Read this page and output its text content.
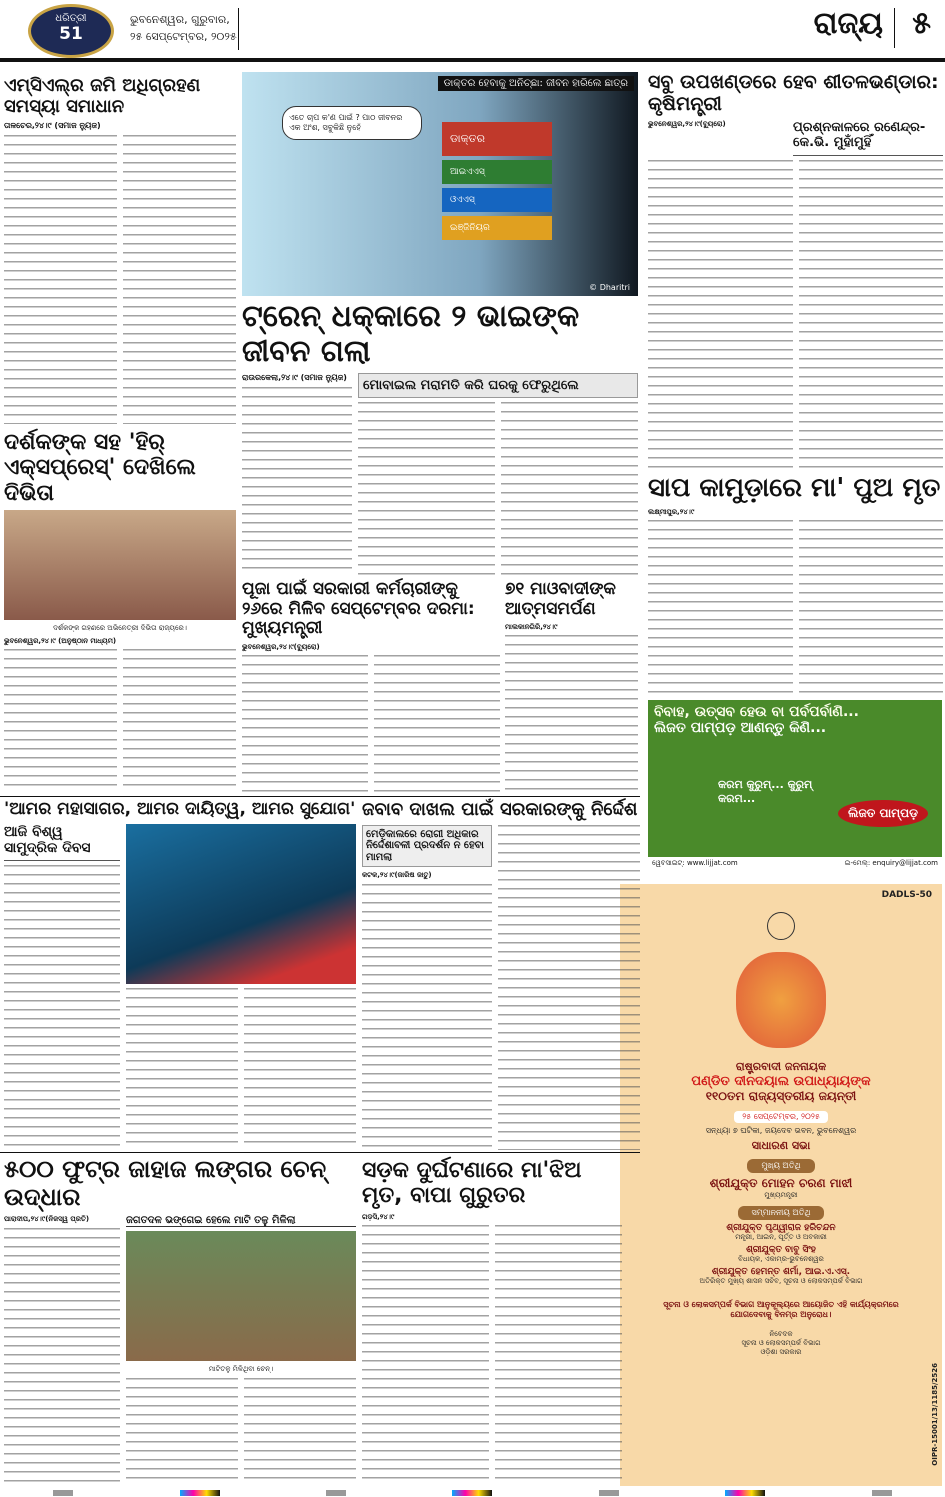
ଧରିତ୍ରୀ
51
ଭୁବନେଶ୍ୱର, ଗୁରୁବାର,
୨୫ ସେପ୍ଟେମ୍ବର, ୨୦୨୫	ରାଜ୍ୟ ୫
ଏମ୍ସିଏଲ୍‌ର ଜମି ଅଧିଗ୍ରହଣ ସମସ୍ୟା ସମାଧାନ
ତାଳଚେର,୨୪।୯ (ସମାଜ ନ୍ୟୁଜ)
ଡାକ୍ତର ହେବାକୁ ଅନିଚ୍ଛା: ଜୀବନ ହାରିଲେ ଛାତ୍ର
ଏତେ ଚାପ କ'ଣ ପାଇଁ ? ପାଠ ଜୀବନର ଏକ ଅଂଶ, ସବୁକିଛି ନୁହେଁ
ଡାକ୍ତର
ଆଇଏଏସ୍
ଓଏଏସ୍
ଇଞ୍ଜିନିୟର
© Dharitri
ଟ୍ରେନ୍ ଧକ୍କାରେ ୨ ଭାଇଙ୍କ ଜୀବନ ଗଲା
ରାଉରକେଲା,୨୪।୯ (ସମାଜ ନ୍ୟୁଜ)
ମୋବାଇଲ ମରାମତି କରି ଘରକୁ ଫେରୁଥିଲେ
ଦର୍ଶକଙ୍କ ସହ 'ହିର୍ ଏକ୍ସପ୍ରେସ୍' ଦେଖିଲେ ଦିଭିତା
ଦର୍ଶକଙ୍କ ଗହଣରେ ଅଭିନେତ୍ରୀ ଦିଭିତା ରାଜ୍ୟରେ।
ଭୁବନେଶ୍ୱର,୨୪।୯ (ଅନୁଷ୍ଠାନ ମାଧ୍ୟମ)
ପୂଜା ପାଇଁ ସରକାରୀ କର୍ମଚାରୀଙ୍କୁ ୨୬ରେ ମିଳିବ ସେପ୍ଟେମ୍ବର ଦରମା: ମୁଖ୍ୟମନ୍ତ୍ରୀ
ଭୁବନେଶ୍ୱର,୨୪।୯(ବ୍ୟୁରୋ)
୭୧ ମାଓବାଦୀଙ୍କ ଆତ୍ମସମର୍ପଣ
ମାଲକାନଗିରି,୨୪।୯
ସବୁ ଉପଖଣ୍ଡରେ ହେବ ଶୀତଳଭଣ୍ଡାର: କୃଷିମନ୍ତ୍ରୀ
ଭୁବନେଶ୍ୱର,୨୪।୯(ବ୍ୟୁରୋ)	ପ୍ରଶ୍ନକାଳରେ ରଣେନ୍ଦ୍ର-କେ.ଭି. ମୁହାଁମୁହିଁ
ସାପ କାମୁଡ଼ାରେ ମା' ପୁଅ ମୃତ
ଲକ୍ଷ୍ମୀପୁର,୨୪।୯
ବିବାହ, ଉତ୍ସବ ହେଉ ବା ପର୍ବପର୍ବାଣି...
ଲିଜତ ପାମ୍ପଡ଼ ଆଣନ୍ତୁ କିଣି...
କରମ କୁରୁମ୍... କୁରୁମ୍ କରମ...
ଲିଜତ ପାମ୍ପଡ଼
ୱେବସାଇଟ୍: www.lijjat.com	ଇ-ମେଲ୍: enquiry@lijjat.com
DADLS-50
ରାଷ୍ଟ୍ରବାଦୀ ଜନନାୟକ
ପଣ୍ଡିତ ଦୀନଦୟାଲ ଉପାଧ୍ୟାୟଙ୍କ
୧୧୦ତମ ରାଜ୍ୟସ୍ତରୀୟ ଜୟନ୍ତୀ
୨୫ ସେପ୍ଟେମ୍ବର, ୨୦୨୫
ସନ୍ଧ୍ୟା ୭ ଘଟିକା, ଜୟଦେବ ଭବନ, ଭୁବନେଶ୍ୱର
ସାଧାରଣ ସଭା
ମୁଖ୍ୟ ଅତିଥି
ଶ୍ରୀଯୁକ୍ତ ମୋହନ ଚରଣ ମାଝୀ
ମୁଖ୍ୟମନ୍ତ୍ରୀ
ସମ୍ମାନନୀୟ ଅତିଥି
ଶ୍ରୀଯୁକ୍ତ ପୃଥ୍ୱୀରାଜ ହରିଚନ୍ଦନ
ମନ୍ତ୍ରୀ, ଆଇନ, ପୂର୍ତ୍ତ ଓ ଅବକାରୀ
ଶ୍ରୀଯୁକ୍ତ ବାବୁ ସିଂହ
ବିଧାୟକ, ଏକାମ୍ର-ଭୁବନେଶ୍ୱର
ଶ୍ରୀଯୁକ୍ତ ହେମନ୍ତ ଶର୍ମା, ଆଇ.ଏ.ଏସ୍.
ଅତିରିକ୍ତ ମୁଖ୍ୟ ଶାସନ ସଚିବ, ସୂଚନା ଓ ଲୋକସମ୍ପର୍କ ବିଭାଗ
ସୂଚନା ଓ ଲୋକସମ୍ପର୍କ ବିଭାଗ ଆନୁକୂଲ୍ୟରେ ଆୟୋଜିତ ଏହି କାର୍ଯ୍ୟକ୍ରମରେ ଯୋଗଦେବାକୁ ବିନମ୍ର ଅନୁରୋଧ।
ନିବେଦକ
ସୂଚନା ଓ ଲୋକସମ୍ପର୍କ ବିଭାଗ
ଓଡ଼ିଶା ସରକାର
OIPR-15001/13/1185/2526
'ଆମର ମହାସାଗର, ଆମର ଦାୟିତ୍ୱ, ଆମର ସୁଯୋଗ'
ଆଜି ବିଶ୍ୱ ସାମୁଦ୍ରିକ ଦିବସ
ଜବାବ ଦାଖଲ ପାଇଁ ସରକାରଙ୍କୁ ନିର୍ଦ୍ଦେଶ
ମେଡ଼ିକାଲରେ ରୋଗୀ ଅଧିକାର ନିର୍ଦ୍ଦେଶାବଳୀ ପ୍ରଦର୍ଶନ ନ ହେବା ମାମଲା
କଟକ,୨୪।୯(ଜାରିଷ ଜାତୁ)
୫୦୦ ଫୁଟ୍‌ର ଜାହାଜ ଲଙ୍ଗର ଚେନ୍ ଉଦ୍ଧାର
ପାରାଦୀପ,୨୪।୯(ନିଜସ୍ୱ ପ୍ରତି)	ଜଗତଦଳ ଭଙ୍ଗେଇ ହେଲେ ମାଟି ତଳୁ ମିଳିଲା
ମାଟିତଳୁ ମିଳିଥିବା ଚେନ୍।
ସଡ଼କ ଦୁର୍ଘଟଣାରେ ମା'ଝିଅ ମୃତ, ବାପା ଗୁରୁତର
ଗଡ଼ସି,୨୪।୯
